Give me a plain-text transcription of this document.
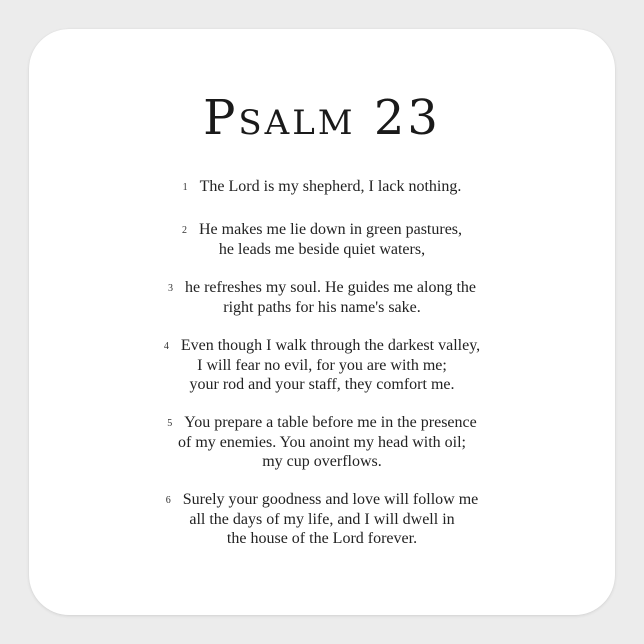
Psalm 23
1 The Lord is my shepherd, I lack nothing.
2 He makes me lie down in green pastures,
he leads me beside quiet waters,
3 he refreshes my soul. He guides me along the
right paths for his name's sake.
4 Even though I walk through the darkest valley,
I will fear no evil, for you are with me;
your rod and your staff, they comfort me.
5 You prepare a table before me in the presence
of my enemies. You anoint my head with oil;
my cup overflows.
6 Surely your goodness and love will follow me
all the days of my life, and I will dwell in
the house of the Lord forever.
